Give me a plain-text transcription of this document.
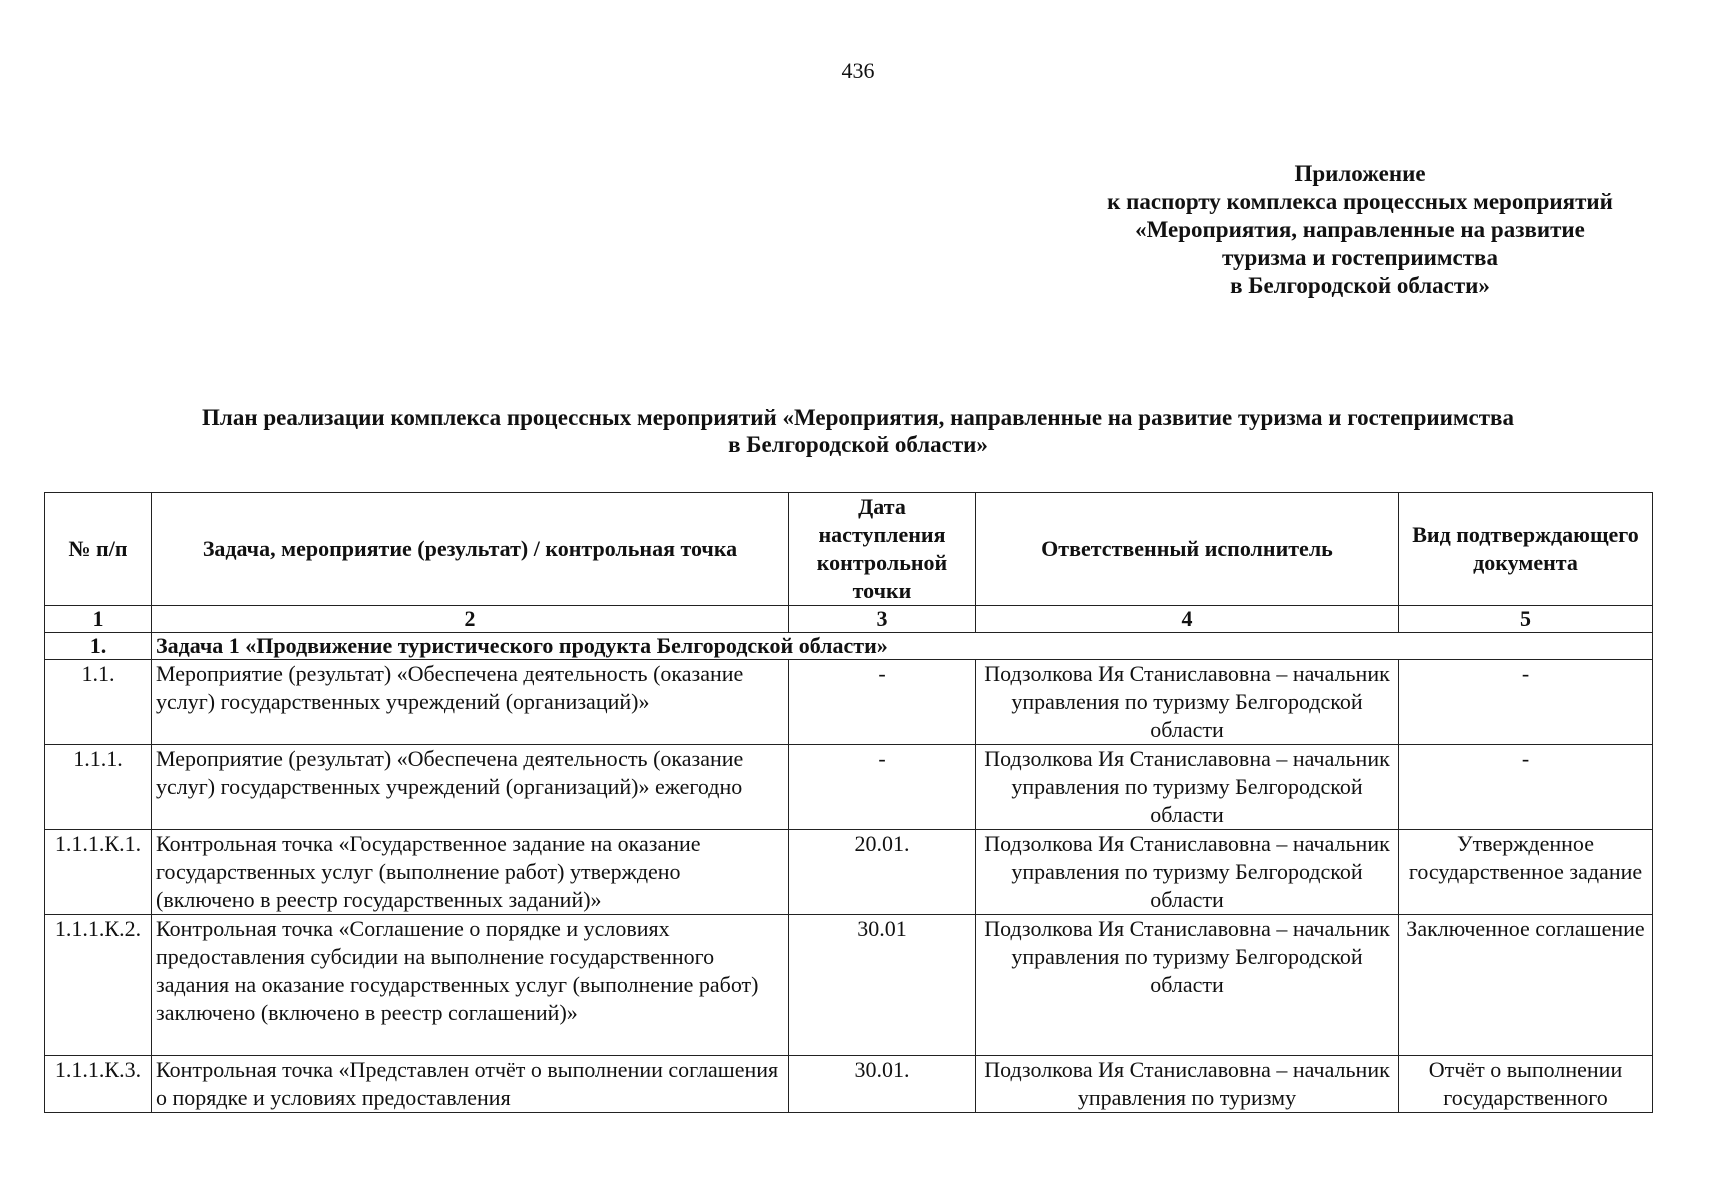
436
Приложение
к паспорту комплекса процессных мероприятий
«Мероприятия, направленные на развитие
туризма и гостеприимства
в Белгородской области»
План реализации комплекса процессных мероприятий «Мероприятия, направленные на развитие туризма и гостеприимства
в Белгородской области»
№ п/п	Задача, мероприятие (результат) / контрольная точка	Дата наступления контрольной точки	Ответственный исполнитель	Вид подтверждающего документа
1	2	3	4	5
1.	Задача 1 «Продвижение туристического продукта Белгородской области»			
1.1.	Мероприятие (результат) «Обеспечена деятельность (оказание услуг) государственных учреждений (организаций)»	-	Подзолкова Ия Станиславовна – начальник управления по туризму Белгородской области	-
1.1.1.	Мероприятие (результат) «Обеспечена деятельность (оказание услуг) государственных учреждений (организаций)» ежегодно	-	Подзолкова Ия Станиславовна – начальник управления по туризму Белгородской области	-
1.1.1.К.1.	Контрольная точка «Государственное задание на оказание государственных услуг (выполнение работ) утверждено (включено в реестр государственных заданий)»	20.01.	Подзолкова Ия Станиславовна – начальник управления по туризму Белгородской области	Утвержденное государственное задание
1.1.1.К.2.	Контрольная точка «Соглашение о порядке и условиях предоставления субсидии на выполнение государственного задания на оказание государственных услуг (выполнение работ) заключено (включено в реестр соглашений)»	30.01	Подзолкова Ия Станиславовна – начальник управления по туризму Белгородской области	Заключенное соглашение
1.1.1.К.3.	Контрольная точка «Представлен отчёт о выполнении соглашения о порядке и условиях предоставления	30.01.	Подзолкова Ия Станиславовна – начальник управления по туризму	Отчёт о выполнении государственного
